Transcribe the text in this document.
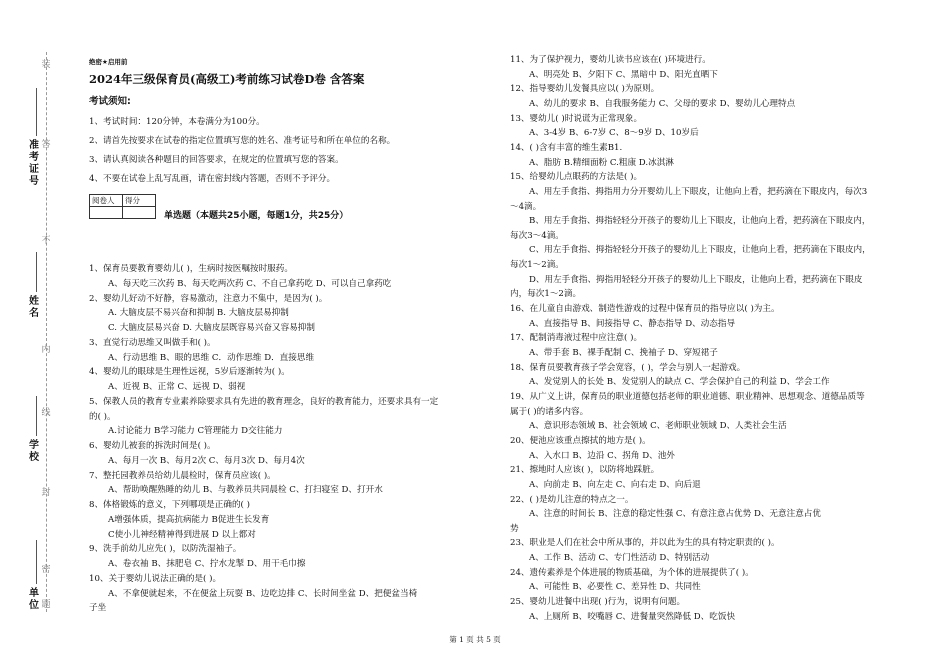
准考证号
姓名
学校
单位
装
密
封
线
内
不
答
题
绝密★启用前
2024年三级保育员(高级工)考前练习试卷D卷 含答案
考试须知:
1、考试时间：120分钟，本卷满分为100分。
2、请首先按要求在试卷的指定位置填写您的姓名、准考证号和所在单位的名称。
3、请认真阅读各种题目的回答要求，在规定的位置填写您的答案。
4、不要在试卷上乱写乱画，请在密封线内答题，否则不予评分。
阅卷人	得分

单选题（本题共25小题，每题1分，共25分）
1、保育员要教育婴幼儿( )，生病时按医嘱按时服药。
A、每天吃三次药 B、每天吃两次药 C、不自己拿药吃 D、可以自己拿药吃
2、婴幼儿好动不好静，容易激动，注意力不集中，是因为( )。
A. 大脑皮层不易兴奋和抑制 B. 大脑皮层易抑制
C. 大脑皮层易兴奋 D. 大脑皮层既容易兴奋又容易抑制
3、直觉行动思维又叫做手和( )。
A、行动思维 B、眼的思维 C．动作思维 D．直接思维
4、婴幼儿的眼球是生理性远视，5岁后逐渐转为( )。
A、近视 B、正常 C、远视 D、弱视
5、保教人员的教育专业素养除要求具有先进的教育理念，良好的教育能力，还要求具有一定
的( )。
A.讨论能力 B学习能力 C管理能力 D交往能力
6、婴幼儿被套的拆洗时间是( )。
A、每月一次 B、每月2次 C、每月3次 D、每月4次
7、整托园教养员给幼儿晨检时，保育员应该( )。
A、帮助唤醒熟睡的幼儿 B、与教养员共同晨检 C、打扫寝室 D、打开水
8、体格锻炼的意义，下列哪项是正确的( )
A增强体质，提高抗病能力 B促进生长发育
C使小儿神经精神得到进展 D 以上都对
9、洗手前幼儿应先( )，以防洗湿袖子。
A、卷衣袖 B、抹肥皂 C、拧水龙掣 D、用干毛巾擦
10、关于婴幼儿说法正确的是( )。
A、不拿便就起来，不在便盆上玩耍 B、边吃边排 C、长时间坐盆 D、把便盆当椅
子坐
11、为了保护视力，婴幼儿读书应该在( )环境进行。
A、明亮处 B、夕阳下 C、黑暗中 D、阳光直晒下
12、指导婴幼儿发餐具应以( )为原则。
A、幼儿的要求 B、自我服务能力 C、父母的要求 D、婴幼儿心理特点
13、婴幼儿( )时说谎为正常现象。
A、3-4岁 B、6-7岁 C、8～9岁 D、10岁后
14、( )含有丰富的维生素B1.
A、脂肪 B.精细面粉 C.粗康 D.冰淇淋
15、给婴幼儿点眼药的方法是( )。
A、用左手食指、拇指用力分开婴幼儿上下眼皮，让他向上看，把药滴在下眼皮内，每次3
～4滴。
B、用左手食指、拇指轻轻分开孩子的婴幼儿上下眼皮，让他向上看，把药滴在下眼皮内，
每次3～4滴。
C、用左手食指、拇指轻轻分开孩子的婴幼儿上下眼皮，让他向上看，把药滴在下眼皮内，
每次1～2滴。
D、用左手食指、拇指用轻轻分开孩子的婴幼儿上下眼皮，让他向上看，把药滴在下眼皮
内，每次1～2滴。
16、在儿童自由游戏、制造性游戏的过程中保育员的指导应以( )为主。
A、直接指导 B、间接指导 C、静态指导 D、动态指导
17、配制消毒液过程中应注意( )。
A、带手套 B、裸手配制 C、挽袖子 D、穿短裙子
18、保育员要教育孩子学会宽容，( )，学会与别人一起游戏。
A、发觉别人的长处 B、发觉别人的缺点 C、学会保护自己的利益 D、学会工作
19、从广义上讲，保育员的职业道德包括老师的职业道德、职业精神、思想观念、道德品质等
属于( )的诸多内容。
A、意识形态领域 B、社会领域 C、老师职业领域 D、人类社会生活
20、便池应该重点擦拭的地方是( )。
A、入水口 B、边沿 C、拐角 D、池外
21、擦地时人应该( )，以防将地踩脏。
A、向前走 B、向左走 C、向右走 D、向后退
22、( )是幼儿注意的特点之一。
A、注意的时间长 B、注意的稳定性强 C、有意注意占优势 D、无意注意占优
势
23、职业是人们在社会中所从事的，并以此为生的具有特定职责的( )。
A、工作 B、活动 C、专门性活动 D、特别活动
24、遗传素养是个体进展的物质基础，为个体的进展提供了( )。
A、可能性 B、必要性 C、差异性 D、共同性
25、婴幼儿进餐中出现( )行为，说明有问题。
A、上厕所 B、咬嘴唇 C、进餐量突然降低 D、吃饭快
第 1 页 共 5 页
